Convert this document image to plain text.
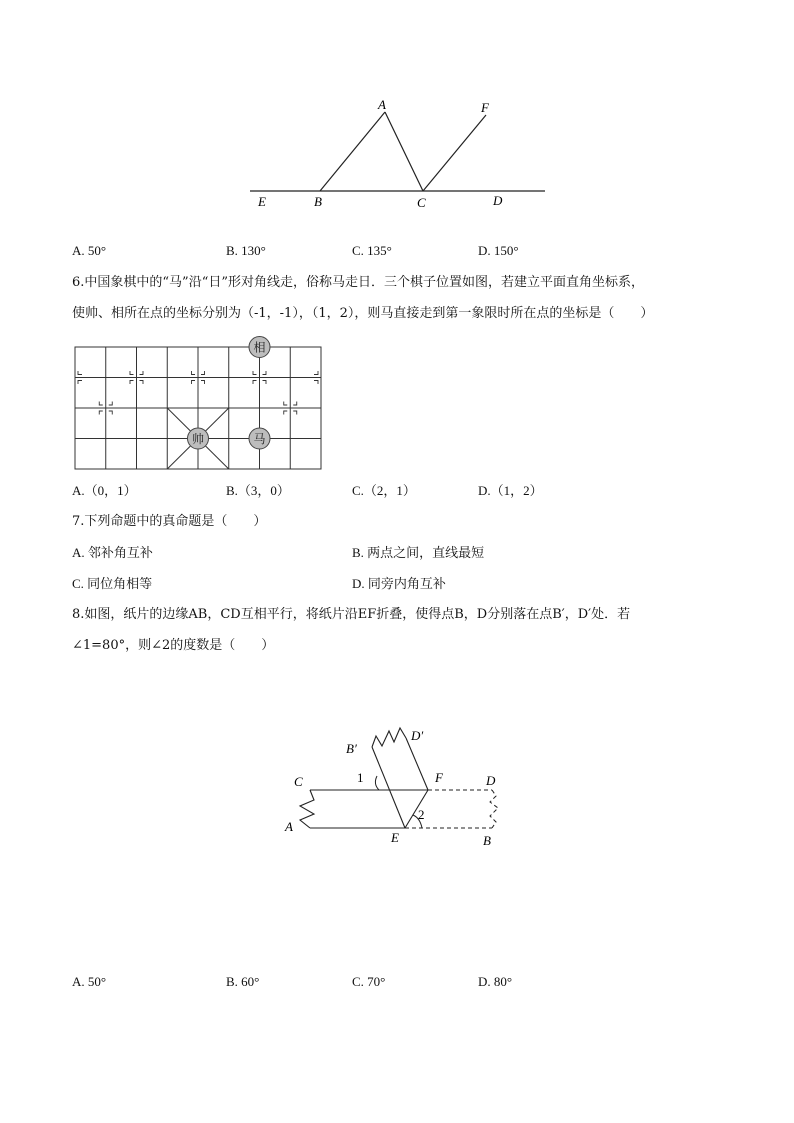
A	F
E	B	C	D
A. 50°	B. 130°	C. 135°	D. 150°
6.中国象棋中的“马”沿“日”形对角线走，俗称马走日．三个棋子位置如图，若建立平面直角坐标系，
使帅、相所在点的坐标分别为（-1，-1），（1，2），则马直接走到第一象限时所在点的坐标是（　　）
相
帅	马
A.（0，1）	B.（3，0）	C.（2，1）	D.（1，2）
7.下列命题中的真命题是（　　）
A. 邻补角互补	B. 两点之间，直线最短
C. 同位角相等	D. 同旁内角互补
8.如图，纸片的边缘AB，CD互相平行，将纸片沿EF折叠，使得点B，D分别落在点B′，D′处．若
∠1=80°，则∠2的度数是（　　）
B′
D′
C	1	F	D
2
A
E	B
A. 50°	B. 60°	C. 70°	D. 80°
